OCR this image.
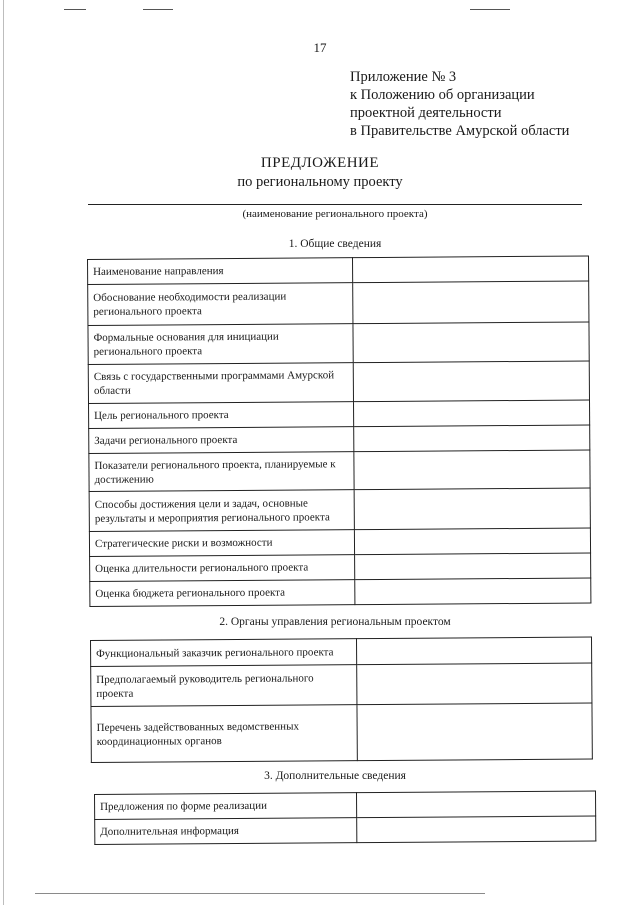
17
Приложение № 3
к Положению об организации
проектной деятельности
в Правительстве Амурской области
ПРЕДЛОЖЕНИЕ
по региональному проекту
(наименование регионального проекта)
1. Общие сведения
Наименование направления	
Обоснование необходимости реализации регионального проекта	
Формальные основания для инициации регионального проекта	
Связь с государственными программами Амурской области	
Цель регионального проекта	
Задачи регионального проекта	
Показатели регионального проекта, планируемые к достижению	
Способы достижения цели и задач, основные результаты и мероприятия регионального проекта	
Стратегические риски и возможности	
Оценка длительности регионального проекта	
Оценка бюджета регионального проекта	
2. Органы управления региональным проектом
Функциональный заказчик регионального проекта	
Предполагаемый руководитель регионального проекта	
Перечень задействованных ведомственных координационных органов	
3. Дополнительные сведения
Предложения по форме реализации	
Дополнительная информация	
